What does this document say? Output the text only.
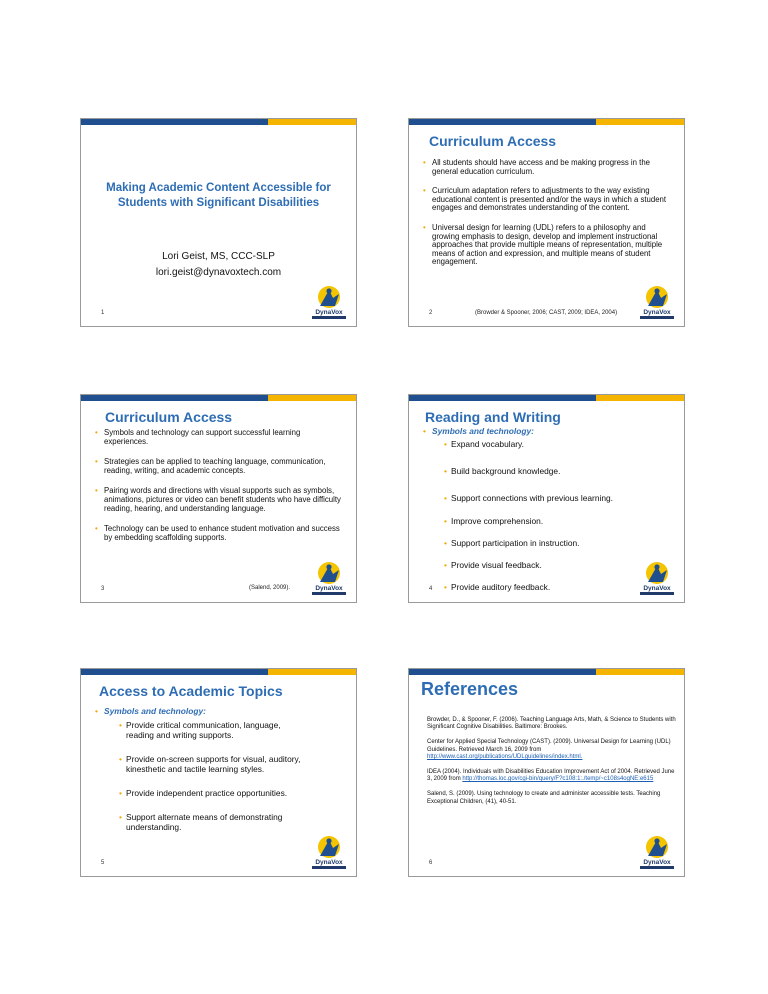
Making Academic Content Accessible for Students with Significant Disabilities
Lori Geist, MS, CCC-SLP
lori.geist@dynavoxtech.com
1	DynaVox
Curriculum Access
• All students should have access and be making progress in the general education curriculum.
• Curriculum adaptation refers to adjustments to the way existing educational content is presented and/or the ways in which a student engages and demonstrates understanding of the content.
• Universal design for learning (UDL) refers to a philosophy and growing emphasis to design, develop and implement instructional approaches that provide multiple means of representation, multiple means of action and expression, and multiple means of student engagement.
(Browder & Spooner, 2006; CAST, 2009; IDEA, 2004)
2	DynaVox
Curriculum Access
• Symbols and technology can support successful learning experiences.
• Strategies can be applied to teaching language, communication, reading, writing, and academic concepts.
• Pairing words and directions with visual supports such as symbols, animations, pictures or video can benefit students who have difficulty reading, hearing, and understanding language.
• Technology can be used to enhance student motivation and success by embedding scaffolding supports.
(Salend, 2009).
3	DynaVox
Reading and Writing
• Symbols and technology:
• Expand vocabulary.
• Build background knowledge.
• Support connections with previous learning.
• Improve comprehension.
• Support participation in instruction.
• Provide visual feedback.
• Provide auditory feedback.
4	DynaVox
Access to Academic Topics
• Symbols and technology:
• Provide critical communication, language, reading and writing supports.
• Provide on-screen supports for visual, auditory, kinesthetic and tactile learning styles.
• Provide independent practice opportunities.
• Support alternate means of demonstrating understanding.
5	DynaVox
References
Browder, D., & Spooner, F. (2006). Teaching Language Arts, Math, & Science to Students with Significant Cognitive Disabilities. Baltimore: Brookes.
Center for Applied Special Technology (CAST). (2009). Universal Design for Learning (UDL) Guidelines. Retrieved March 16, 2009 from http://www.cast.org/publications/UDLguidelines/index.html.
IDEA (2004). Individuals with Disabilities Education Improvement Act of 2004. Retrieved June 3, 2009 from http://thomas.loc.gov/cgi-bin/query/F?c108:1:./temp/~c108s4ogNE:e615
Salend, S. (2009). Using technology to create and administer accessible tests. Teaching Exceptional Children, (41), 40-51.
6	DynaVox
